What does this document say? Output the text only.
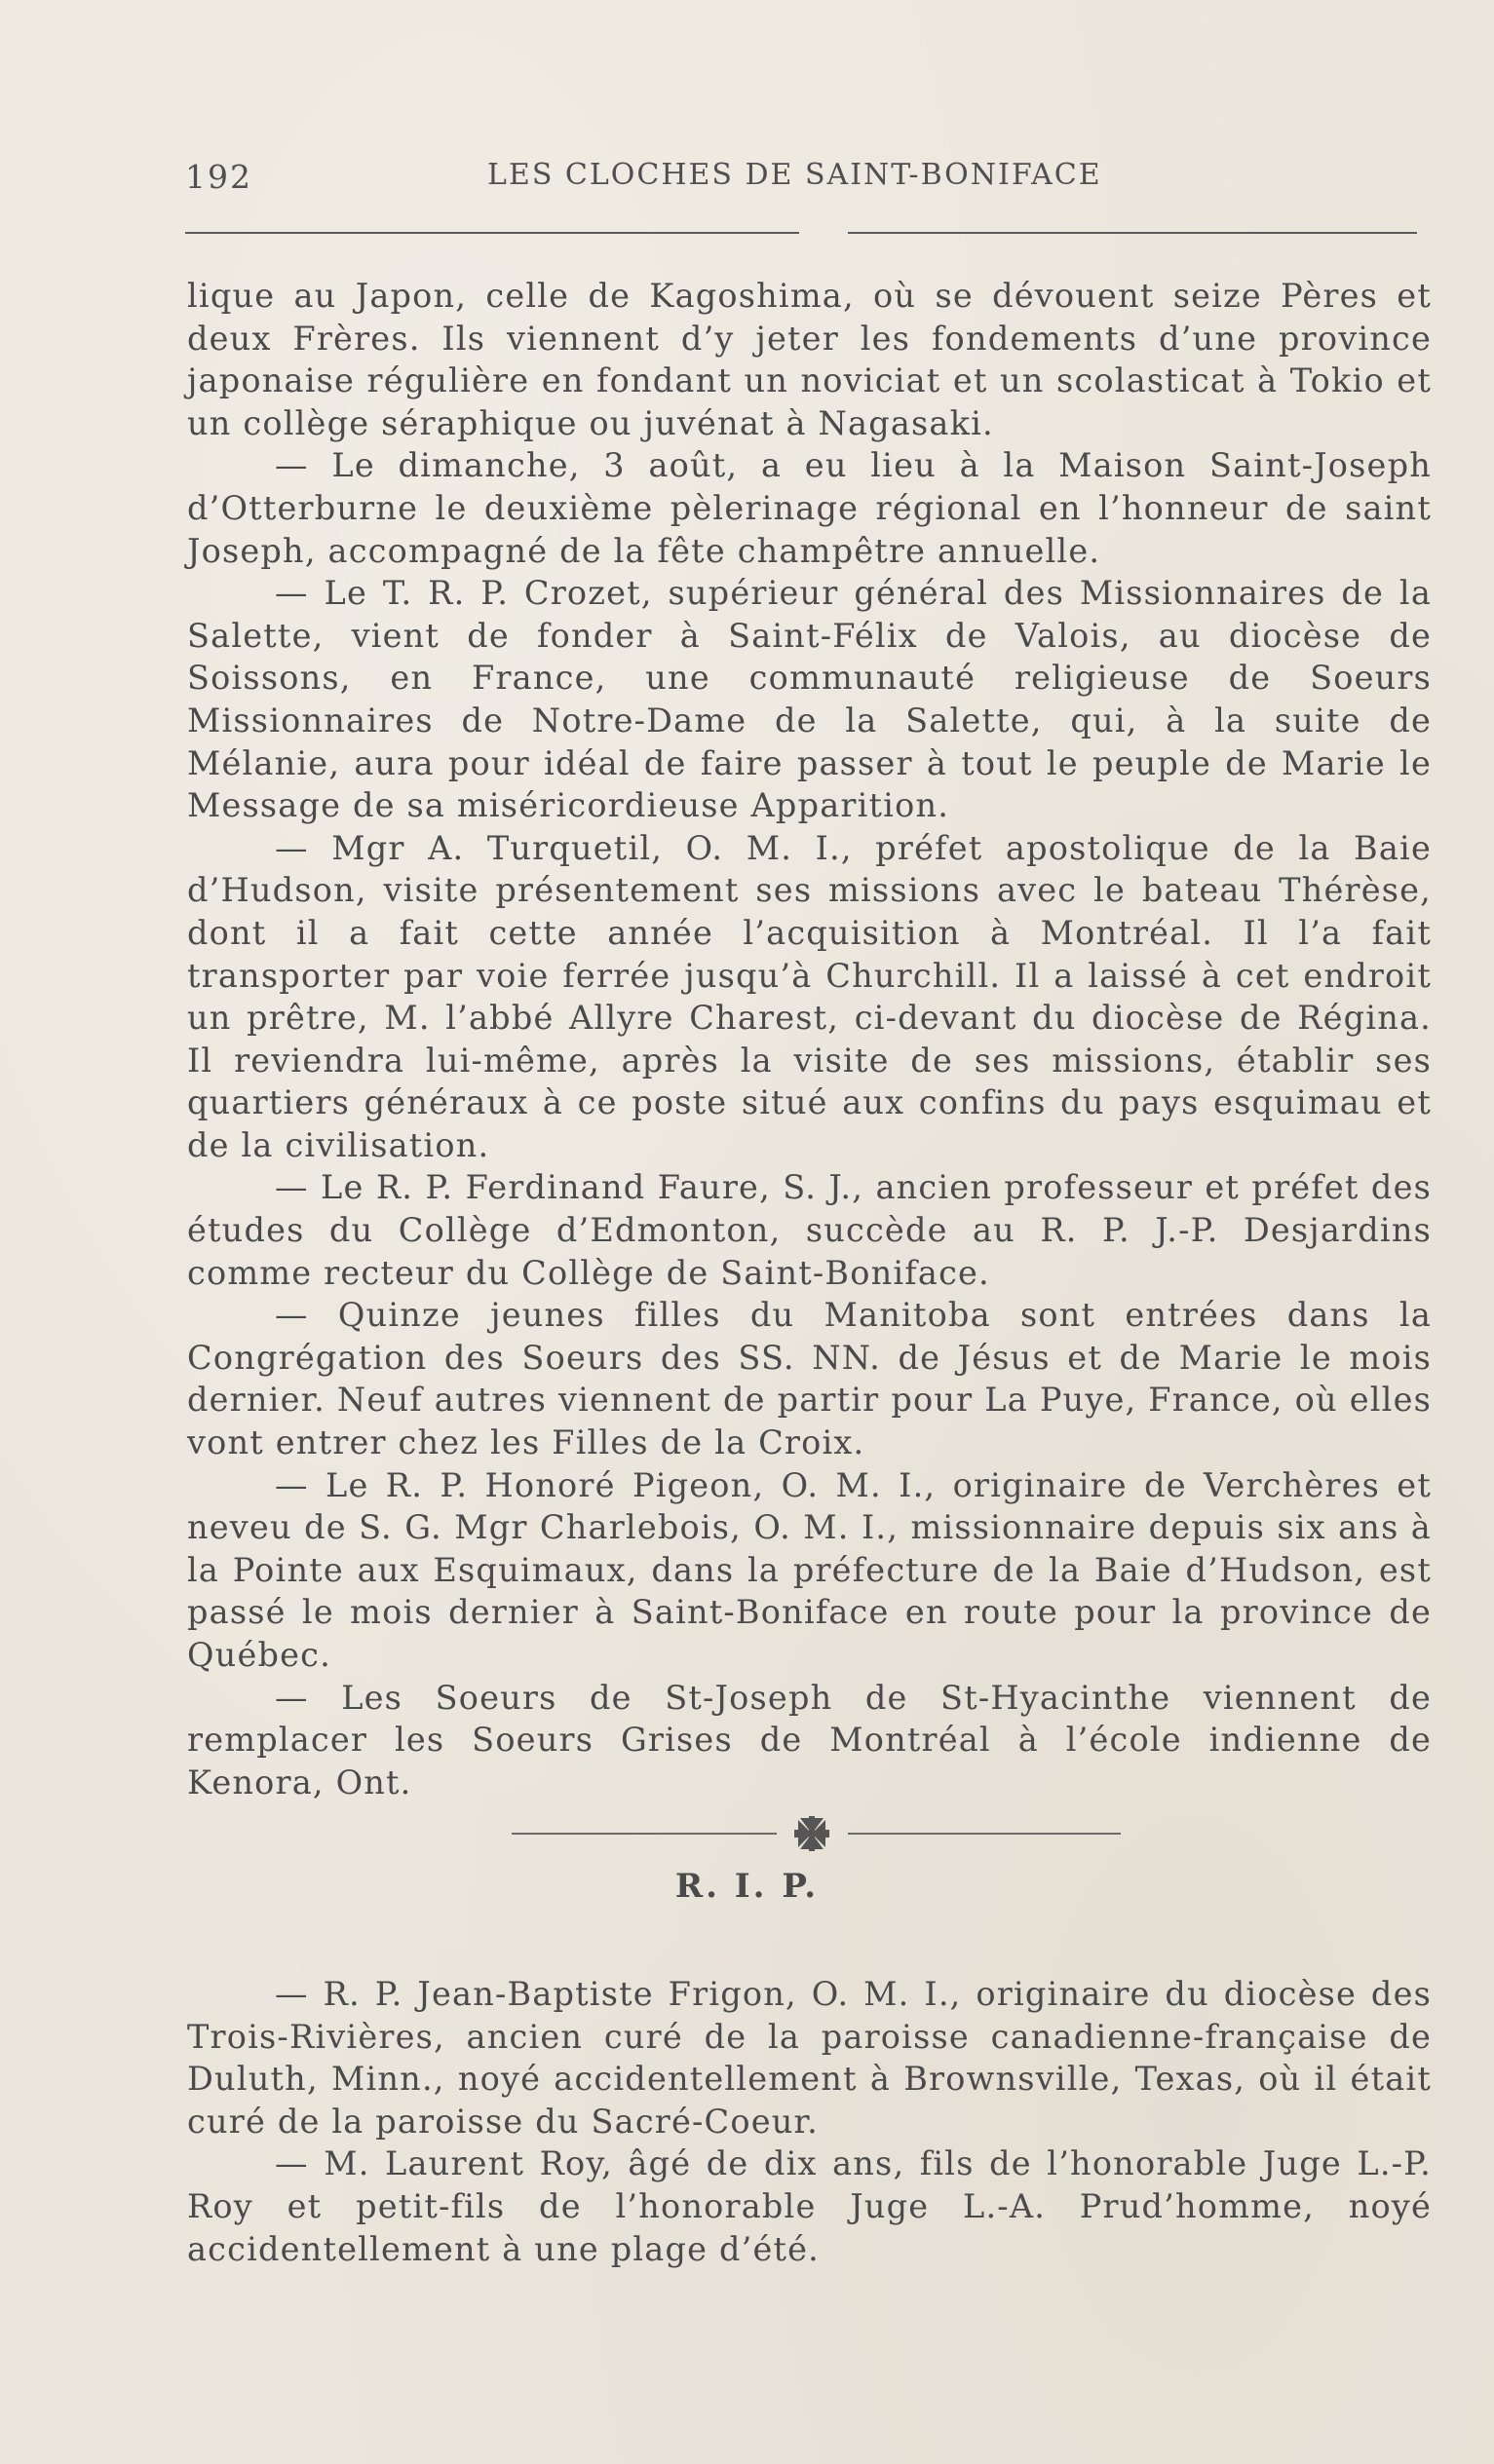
192	LES CLOCHES DE SAINT-BONIFACE

lique au Japon, celle de Kagoshima, où se dévouent seize Pères et deux Frères. Ils viennent d’y jeter les fondements d’une province japonaise régulière en fondant un noviciat et un scolasticat à Tokio et un collège séraphique ou juvénat à Nagasaki.

— Le dimanche, 3 août, a eu lieu à la Maison Saint-Joseph d’Otterburne le deuxième pèlerinage régional en l’honneur de saint Joseph, accompagné de la fête champêtre annuelle.

— Le T. R. P. Crozet, supérieur général des Missionnaires de la Salette, vient de fonder à Saint-Félix de Valois, au diocèse de Soissons, en France, une communauté religieuse de Soeurs Missionnaires de Notre-Dame de la Salette, qui, à la suite de Mélanie, aura pour idéal de faire passer à tout le peuple de Marie le Message de sa miséricordieuse Apparition.

— Mgr A. Turquetil, O. M. I., préfet apostolique de la Baie d’Hudson, visite présentement ses missions avec le bateau Thérèse, dont il a fait cette année l’acquisition à Montréal. Il l’a fait transporter par voie ferrée jusqu’à Churchill. Il a laissé à cet endroit un prêtre, M. l’abbé Allyre Charest, ci-devant du diocèse de Régina. Il reviendra lui-même, après la visite de ses missions, établir ses quartiers généraux à ce poste situé aux confins du pays esquimau et de la civilisation.

— Le R. P. Ferdinand Faure, S. J., ancien professeur et préfet des études du Collège d’Edmonton, succède au R. P. J.-P. Desjardins comme recteur du Collège de Saint-Boniface.

— Quinze jeunes filles du Manitoba sont entrées dans la Congrégation des Soeurs des SS. NN. de Jésus et de Marie le mois dernier. Neuf autres viennent de partir pour La Puye, France, où elles vont entrer chez les Filles de la Croix.

— Le R. P. Honoré Pigeon, O. M. I., originaire de Verchères et neveu de S. G. Mgr Charlebois, O. M. I., missionnaire depuis six ans à la Pointe aux Esquimaux, dans la préfecture de la Baie d’Hudson, est passé le mois dernier à Saint-Boniface en route pour la province de Québec.

— Les Soeurs de St-Joseph de St-Hyacinthe viennent de remplacer les Soeurs Grises de Montréal à l’école indienne de Kenora, Ont.

R. I. P.

— R. P. Jean-Baptiste Frigon, O. M. I., originaire du diocèse des Trois-Rivières, ancien curé de la paroisse canadienne-française de Duluth, Minn., noyé accidentellement à Brownsville, Texas, où il était curé de la paroisse du Sacré-Coeur.

— M. Laurent Roy, âgé de dix ans, fils de l’honorable Juge L.-P. Roy et petit-fils de l’honorable Juge L.-A. Prud’homme, noyé accidentellement à une plage d’été.
